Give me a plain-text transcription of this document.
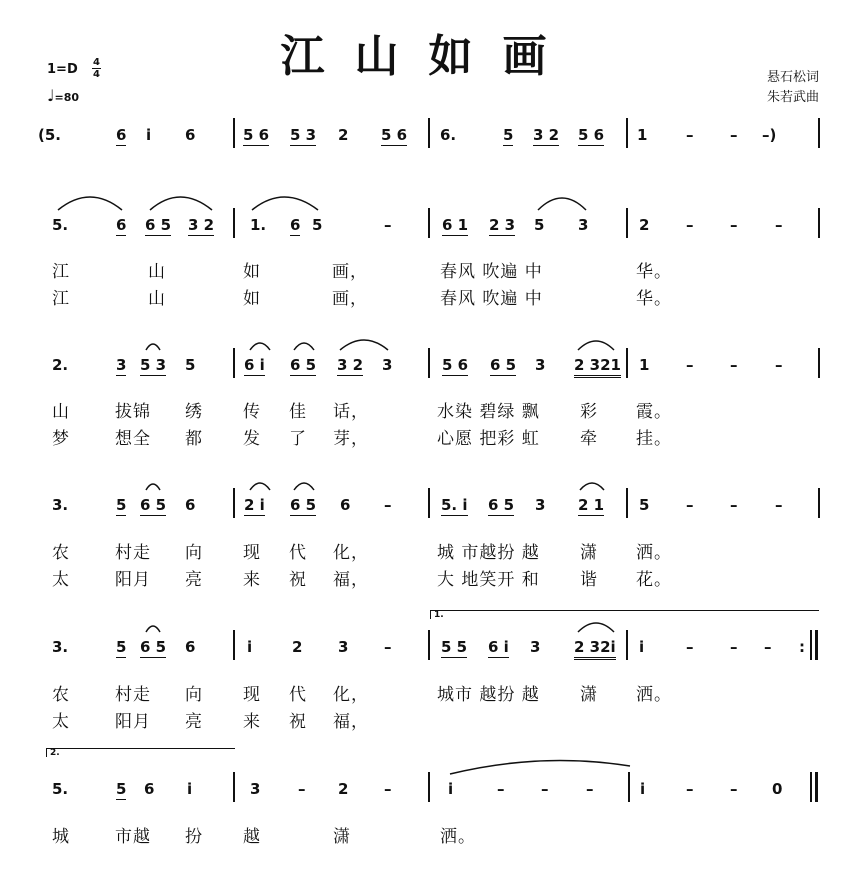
江山如画
1=D 4
4
♩=80
悬石松词
朱若武曲
(5.	6 i 6	5 6 5 3 2 5 6 6.	5 3 2 5 6 1	– – –)
5.	6 6 5 3 2 1. 6 5	–	6 1 2 3 5 3	2 – –	–
江	山	如	画，	春风 吹遍 中	华。
江	山	如	画，	春风 吹遍 中	华。
2.	3 5 3 5	6 i 6 5 3 2 3	5 6 6 5 3 2 321 1 – –	–
山	拔锦 绣 传 佳 话，	水染 碧绿 飘 彩 霞。
梦	想全 都 发 了 芽，	心愿 把彩 虹 牵 挂。
3.	5 6 5 6	2 i 6 5 6 –	5. i 6 5 3 2 1 5 – –	–
农	村走 向 现 代 化，	城 市越扮 越 潇 洒。
太	阳月 亮 来 祝 福，	大 地笑开 和 谐 花。
1.
3.	5 6 5 6	i	2 3 –	5 5 6 i 3 2 32i i	– – – :
农	村走 向 现 代 化，	城市 越扮 越 潇 洒。
太	阳月 亮 来 祝 福，
2.
5.	5 6 i	3	– 2 –	i	– –	–	i	– – 0
城	市越 扮 越	潇	洒。
